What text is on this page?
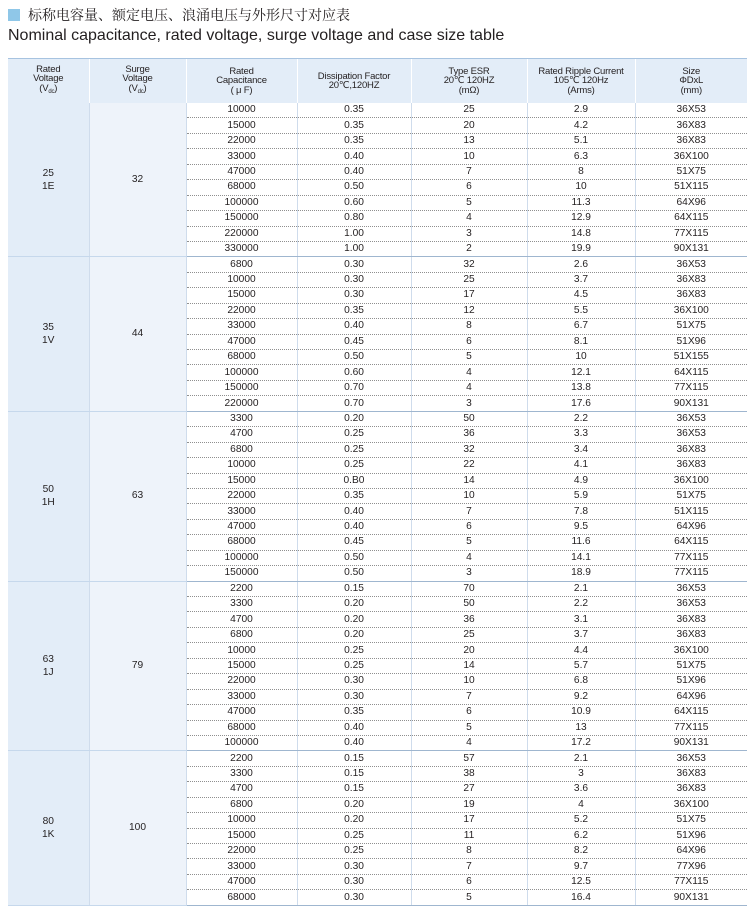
标称电容量、额定电压、浪涌电压与外形尺寸对应表
Nominal capacitance, rated voltage, surge voltage and case size table
Rated
Voltage
$(V_{dc})$	Surge
Voltage
$(V_{dc})$	Rated
Capacitance
( μ F)	Dissipation Factor
20℃,120HZ	Type ESR
20℃ 120HZ
(mΩ)	Rated Ripple Current
105℃ 120Hz
(Arms)	Size
ΦDxL
(mm)

25
1E	32	10000	0.35	25	2.9	36X53
		15000	0.35	20	4.2	36X83
		22000	0.35	13	5.1	36X83
		33000	0.40	10	6.3	36X100
		47000	0.40	7	8	51X75
		68000	0.50	6	10	51X115
		100000	0.60	5	11.3	64X96
		150000	0.80	4	12.9	64X115
		220000	1.00	3	14.8	77X115
		330000	1.00	2	19.9	90X131

35
1V	44	6800	0.30	32	2.6	36X53
		10000	0.30	25	3.7	36X83
		15000	0.30	17	4.5	36X83
		22000	0.35	12	5.5	36X100
		33000	0.40	8	6.7	51X75
		47000	0.45	6	8.1	51X96
		68000	0.50	5	10	51X155
		100000	0.60	4	12.1	64X115
		150000	0.70	4	13.8	77X115
		220000	0.70	3	17.6	90X131

50
1H	63	3300	0.20	50	2.2	36X53
		4700	0.25	36	3.3	36X53
		6800	0.25	32	3.4	36X83
		10000	0.25	22	4.1	36X83
		15000	0.B0	14	4.9	36X100
		22000	0.35	10	5.9	51X75
		33000	0.40	7	7.8	51X115
		47000	0.40	6	9.5	64X96
		68000	0.45	5	11.6	64X115
		100000	0.50	4	14.1	77X115
		150000	0.50	3	18.9	77X115

63
1J	79	2200	0.15	70	2.1	36X53
		3300	0.20	50	2.2	36X53
		4700	0.20	36	3.1	36X83
		6800	0.20	25	3.7	36X83
		10000	0.25	20	4.4	36X100
		15000	0.25	14	5.7	51X75
		22000	0.30	10	6.8	51X96
		33000	0.30	7	9.2	64X96
		47000	0.35	6	10.9	64X115
		68000	0.40	5	13	77X115
		100000	0.40	4	17.2	90X131

80
1K	100	2200	0.15	57	2.1	36X53
		3300	0.15	38	3	36X83
		4700	0.15	27	3.6	36X83
		6800	0.20	19	4	36X100
		10000	0.20	17	5.2	51X75
		15000	0.25	11	6.2	51X96
		22000	0.25	8	8.2	64X96
		33000	0.30	7	9.7	77X96
		47000	0.30	6	12.5	77X115
		68000	0.30	5	16.4	90X131
